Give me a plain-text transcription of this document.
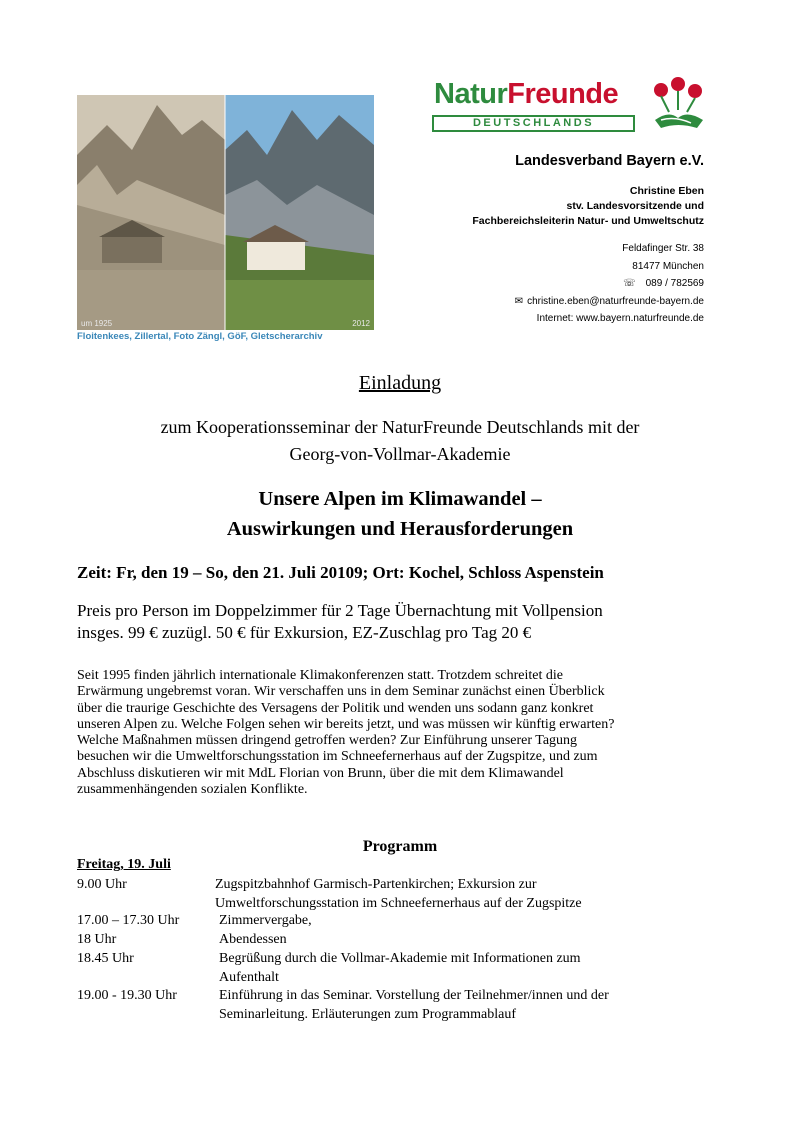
um 1925	2012
Floitenkees, Zillertal, Foto Zängl, GöF, Gletscherarchiv
NaturFreunde
DEUTSCHLANDS
Landesverband Bayern e.V.
Christine Eben
stv. Landesvorsitzende und
Fachbereichsleiterin Natur- und Umweltschutz
Feldafinger Str. 38
81477 München
☏ 089 / 782569
✉ christine.eben@naturfreunde-bayern.de
Internet: www.bayern.naturfreunde.de
Einladung
zum Kooperationsseminar der NaturFreunde Deutschlands mit der
Georg-von-Vollmar-Akademie
Unsere Alpen im Klimawandel –
Auswirkungen und Herausforderungen
Zeit: Fr, den 19 – So, den 21. Juli 20109; Ort: Kochel, Schloss Aspenstein
Preis pro Person im Doppelzimmer für 2 Tage Übernachtung mit Vollpension
insges. 99 € zuzügl. 50 € für Exkursion, EZ-Zuschlag pro Tag 20 €
Seit 1995 finden jährlich internationale Klimakonferenzen statt. Trotzdem schreitet die
Erwärmung ungebremst voran. Wir verschaffen uns in dem Seminar zunächst einen Überblick
über die traurige Geschichte des Versagens der Politik und wenden uns sodann ganz konkret
unseren Alpen zu. Welche Folgen sehen wir bereits jetzt, und was müssen wir künftig erwarten?
Welche Maßnahmen müssen dringend getroffen werden? Zur Einführung unserer Tagung
besuchen wir die Umweltforschungsstation im Schneefernerhaus auf der Zugspitze, und zum
Abschluss diskutieren wir mit MdL Florian von Brunn, über die mit dem Klimawandel
zusammenhängenden sozialen Konflikte.
Programm
Freitag, 19. Juli
9.00 Uhr	Zugspitzbahnhof Garmisch-Partenkirchen; Exkursion zur
Umweltforschungsstation im Schneefernerhaus auf der Zugspitze
17.00 – 17.30 Uhr	Zimmervergabe,
18 Uhr	Abendessen
18.45 Uhr	Begrüßung durch die Vollmar-Akademie mit Informationen zum
Aufenthalt
19.00 - 19.30 Uhr	Einführung in das Seminar. Vorstellung der Teilnehmer/innen und der
Seminarleitung. Erläuterungen zum Programmablauf
